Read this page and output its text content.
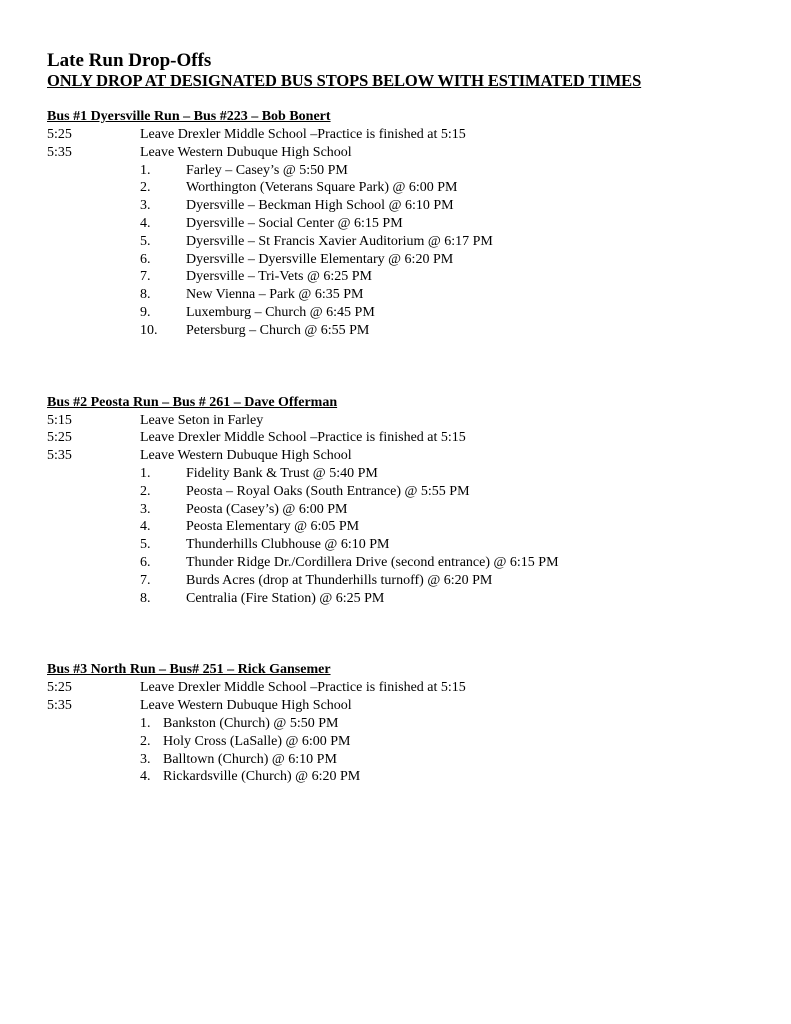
Late Run Drop-Offs
ONLY DROP AT DESIGNATED BUS STOPS BELOW WITH ESTIMATED TIMES
Bus #1 Dyersville Run – Bus #223 – Bob Bonert
5:25	Leave Drexler Middle School –Practice is finished at 5:15
5:35	Leave Western Dubuque High School
1.	Farley – Casey’s @ 5:50 PM
2.	Worthington (Veterans Square Park) @ 6:00 PM
3.	Dyersville – Beckman High School @ 6:10 PM
4.	Dyersville – Social Center @ 6:15 PM
5.	Dyersville – St Francis Xavier Auditorium @ 6:17 PM
6.	Dyersville – Dyersville Elementary @ 6:20 PM
7.	Dyersville – Tri-Vets @ 6:25 PM
8.	New Vienna – Park @ 6:35 PM
9.	Luxemburg – Church @ 6:45 PM
10. Petersburg – Church @ 6:55 PM
Bus #2 Peosta Run – Bus # 261 – Dave Offerman
5:15	Leave Seton in Farley
5:25	Leave Drexler Middle School –Practice is finished at 5:15
5:35	Leave Western Dubuque High School
1.	Fidelity Bank & Trust @ 5:40 PM
2.	Peosta – Royal Oaks (South Entrance) @ 5:55 PM
3.	Peosta (Casey’s) @ 6:00 PM
4.	Peosta Elementary @ 6:05 PM
5.	Thunderhills Clubhouse @ 6:10 PM
6.	Thunder Ridge Dr./Cordillera Drive (second entrance) @ 6:15 PM
7.	Burds Acres (drop at Thunderhills turnoff) @ 6:20 PM
8.	Centralia (Fire Station) @ 6:25 PM
Bus #3 North Run – Bus# 251 – Rick Gansemer
5:25	Leave Drexler Middle School –Practice is finished at 5:15
5:35	Leave Western Dubuque High School
1. Bankston (Church) @ 5:50 PM
2. Holy Cross (LaSalle) @ 6:00 PM
3. Balltown (Church) @ 6:10 PM
4. Rickardsville (Church) @ 6:20 PM
